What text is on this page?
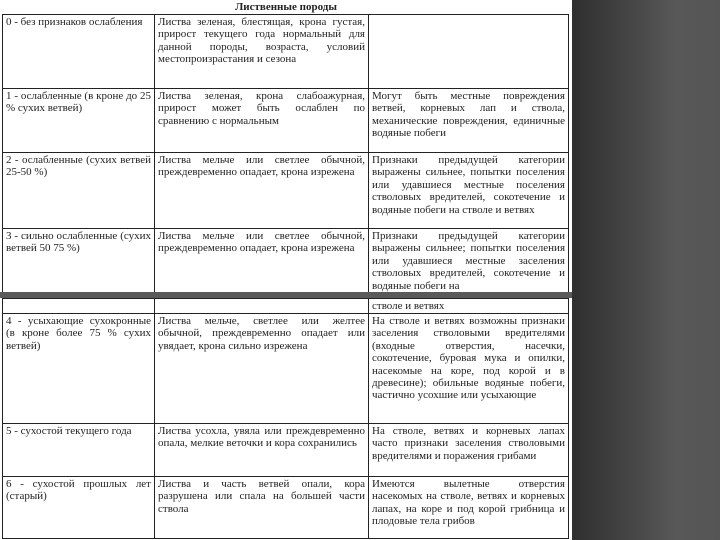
Лиственные породы
0 - без признаков ослабления	Листва зеленая, блестящая, крона густая, прирост текущего года нормальный для данной породы, возраста, условий местопроизрастания и сезона	
1 - ослабленные (в кроне до 25 % сухих ветвей)	Листва зеленая, крона слабоажурная, прирост может быть ослаблен по сравнению с нормальным	Могут быть местные повреждения ветвей, корневых лап и ствола, механические повреждения, единичные водяные побеги
2 - ослабленные (сухих ветвей 25-50 %)	Листва мельче или светлее обычной, преждевременно опадает, крона изрежена	Признаки предыдущей категории выражены сильнее, попытки поселения или удавшиеся местные поселения стволовых вредителей, сокотечение и водяные побеги на стволе и ветвях
3 - сильно ослабленные (сухих ветвей 50 75 %)	Листва мельче или светлее обычной, преждевременно опадает, крона изрежена	Признаки предыдущей категории выражены сильнее; попытки поселения или удавшиеся местные заселения стволовых вредителей, сокотечение и водяные побеги на
		стволе и ветвях
4 - усыхающие сухокронные (в кроне более 75 % сухих ветвей)	Листва мельче, светлее или желтее обычной, преждевременно опадает или увядает, крона сильно изрежена	На стволе и ветвях возможны признаки заселения стволовыми вредителями (входные отверстия, насечки, сокотечение, буровая мука и опилки, насекомые на коре, под корой и в древесине); обильные водяные побеги, частично усохшие или усыхающие
5 - сухостой текущего года	Листва усохла, увяла или преждевременно опала, мелкие веточки и кора сохранились	На стволе, ветвях и корневых лапах часто признаки заселения стволовыми вредителями и поражения грибами
6 - сухостой прошлых лет (старый)	Листва и часть ветвей опали, кора разрушена или спала на большей части ствола	Имеются вылетные отверстия насекомых на стволе, ветвях и корневых лапах, на коре и под корой грибница и плодовые тела грибов
